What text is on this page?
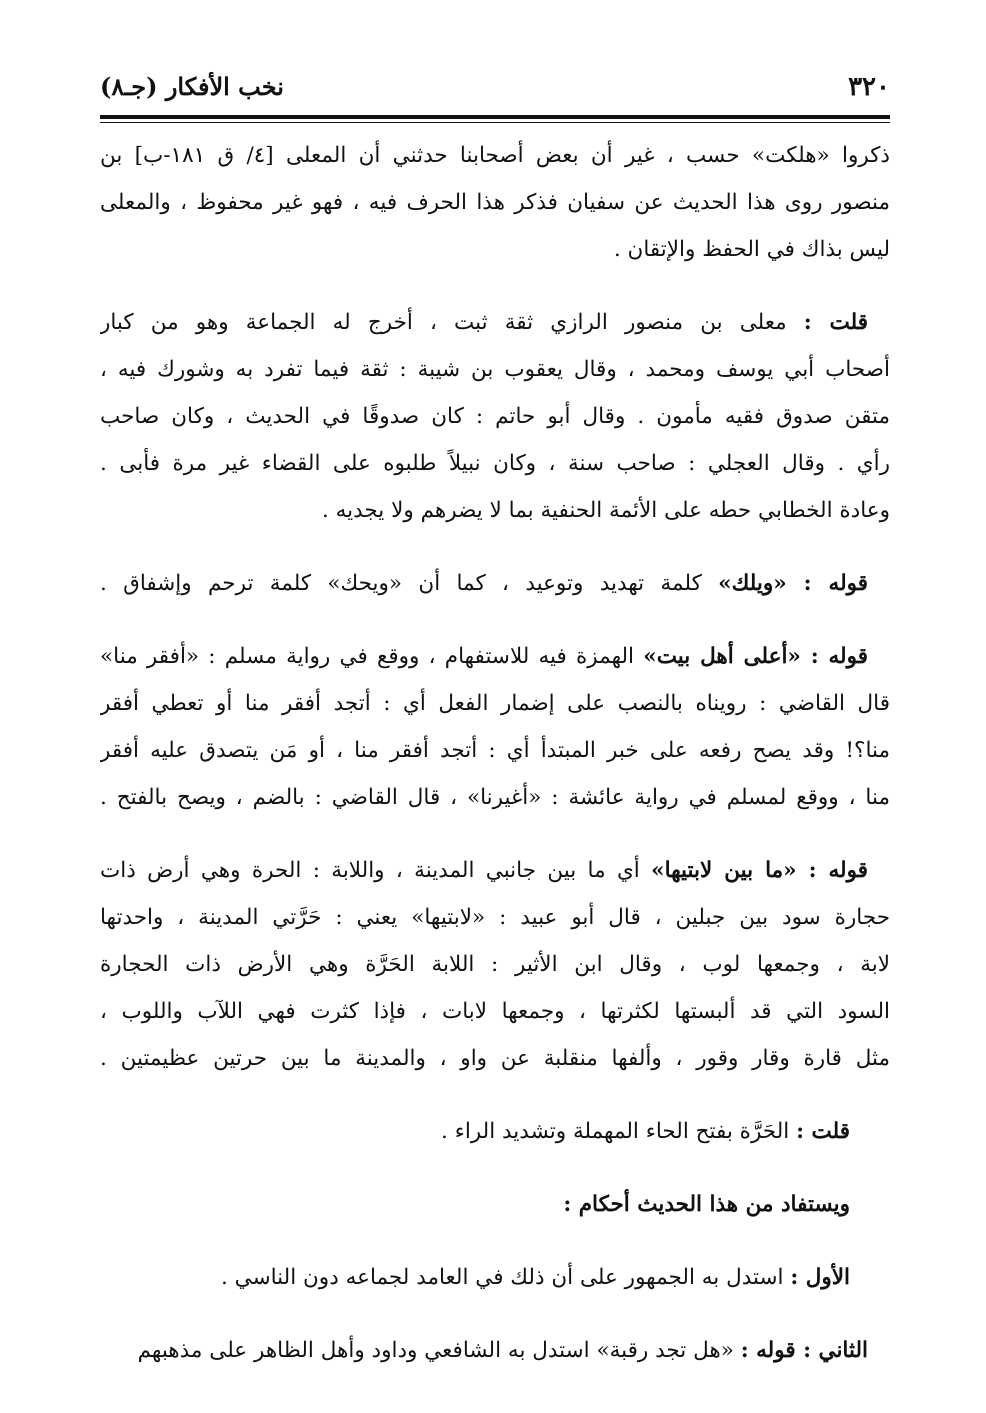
٣٢٠
نخب الأفكار (جـ٨)
ذكروا «هلكت» حسب ، غير أن بعض أصحابنا حدثني أن المعلى [٤/ ق ١٨١-ب] بن
منصور روى هذا الحديث عن سفيان فذكر هذا الحرف فيه ، فهو غير محفوظ ، والمعلى
ليس بذاك في الحفظ والإتقان .
قلت : معلى بن منصور الرازي ثقة ثبت ، أخرج له الجماعة وهو من كبار
أصحاب أبي يوسف ومحمد ، وقال يعقوب بن شيبة : ثقة فيما تفرد به وشورك فيه ،
متقن صدوق فقيه مأمون . وقال أبو حاتم : كان صدوقًا في الحديث ، وكان صاحب
رأي . وقال العجلي : صاحب سنة ، وكان نبيلاً طلبوه على القضاء غير مرة فأبى .
وعادة الخطابي حطه على الأئمة الحنفية بما لا يضرهم ولا يجديه .
قوله : «ويلك» كلمة تهديد وتوعيد ، كما أن «ويحك» كلمة ترحم وإشفاق .
قوله : «أعلى أهل بيت» الهمزة فيه للاستفهام ، ووقع في رواية مسلم : «أفقر منا»
قال القاضي : رويناه بالنصب على إضمار الفعل أي : أتجد أفقر منا أو تعطي أفقر
منا؟! وقد يصح رفعه على خبر المبتدأ أي : أتجد أفقر منا ، أو مَن يتصدق عليه أفقر
منا ، ووقع لمسلم في رواية عائشة : «أغيرنا» ، قال القاضي : بالضم ، ويصح بالفتح .
قوله : «ما بين لابتيها» أي ما بين جانبي المدينة ، واللابة : الحرة وهي أرض ذات
حجارة سود بين جبلين ، قال أبو عبيد : «لابتيها» يعني : حَرَّتي المدينة ، واحدتها
لابة ، وجمعها لوب ، وقال ابن الأثير : اللابة الحَرَّة وهي الأرض ذات الحجارة
السود التي قد ألبستها لكثرتها ، وجمعها لابات ، فإذا كثرت فهي اللآب واللوب ،
مثل قارة وقار وقور ، وألفها منقلبة عن واو ، والمدينة ما بين حرتين عظيمتين .
قلت : الحَرَّة بفتح الحاء المهملة وتشديد الراء .
ويستفاد من هذا الحديث أحكام :
الأول : استدل به الجمهور على أن ذلك في العامد لجماعه دون الناسي .
الثاني : قوله : «هل تجد رقبة» استدل به الشافعي وداود وأهل الظاهر على مذهبهم
